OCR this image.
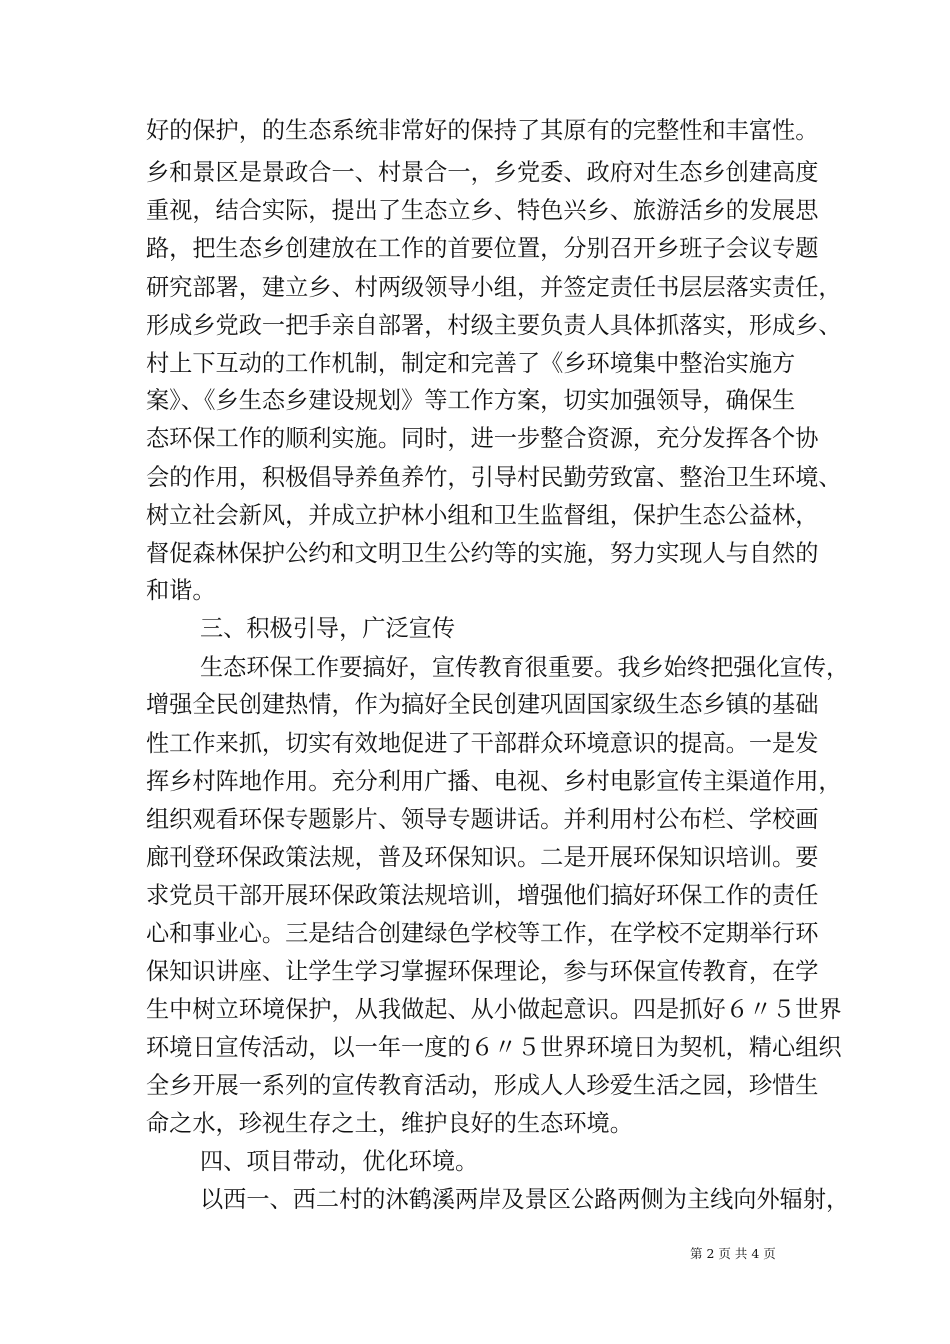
好的保护，的生态系统非常好的保持了其原有的完整性和丰富性。
乡和景区是景政合一、村景合一，乡党委、政府对生态乡创建高度
重视，结合实际，提出了生态立乡、特色兴乡、旅游活乡的发展思
路，把生态乡创建放在工作的首要位置，分别召开乡班子会议专题
研究部署，建立乡、村两级领导小组，并签定责任书层层落实责任，
形成乡党政一把手亲自部署，村级主要负责人具体抓落实，形成乡、
村上下互动的工作机制，制定和完善了《乡环境集中整治实施方
案》、《乡生态乡建设规划》等工作方案，切实加强领导，确保生
态环保工作的顺利实施。同时，进一步整合资源，充分发挥各个协
会的作用，积极倡导养鱼养竹，引导村民勤劳致富、整治卫生环境、
树立社会新风，并成立护林小组和卫生监督组，保护生态公益林，
督促森林保护公约和文明卫生公约等的实施，努力实现人与自然的
和谐。
三、积极引导，广泛宣传
生态环保工作要搞好，宣传教育很重要。我乡始终把强化宣传，
增强全民创建热情，作为搞好全民创建巩固国家级生态乡镇的基础
性工作来抓，切实有效地促进了干部群众环境意识的提高。一是发
挥乡村阵地作用。充分利用广播、电视、乡村电影宣传主渠道作用，
组织观看环保专题影片、领导专题讲话。并利用村公布栏、学校画
廊刊登环保政策法规，普及环保知识。二是开展环保知识培训。要
求党员干部开展环保政策法规培训，增强他们搞好环保工作的责任
心和事业心。三是结合创建绿色学校等工作，在学校不定期举行环
保知识讲座、让学生学习掌握环保理论，参与环保宣传教育，在学
生中树立环境保护，从我做起、从小做起意识。四是抓好６〃５世界
环境日宣传活动，以一年一度的６〃５世界环境日为契机，精心组织
全乡开展一系列的宣传教育活动，形成人人珍爱生活之园，珍惜生
命之水，珍视生存之土，维护良好的生态环境。
四、项目带动，优化环境。
以西一、西二村的沐鹤溪两岸及景区公路两侧为主线向外辐射，
第 2 页 共 4 页
